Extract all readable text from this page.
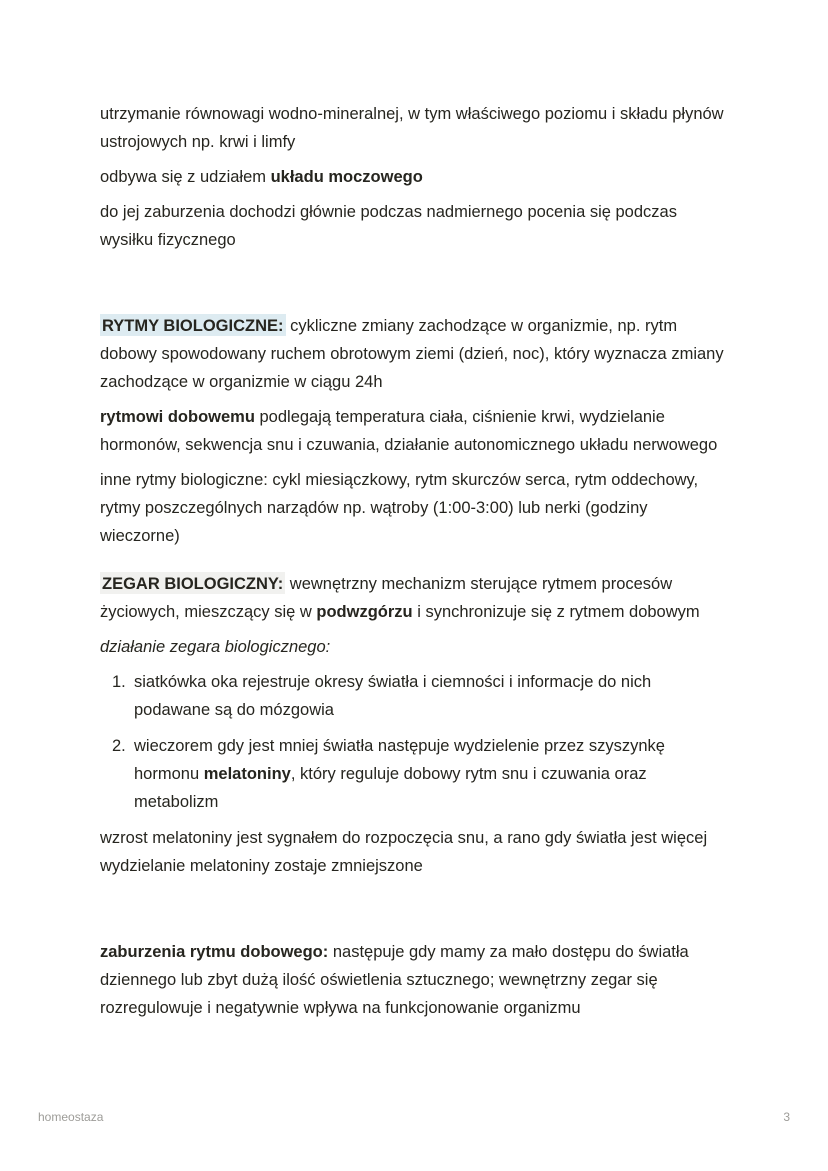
utrzymanie równowagi wodno-mineralnej, w tym właściwego poziomu i składu płynów ustrojowych np. krwi i limfy

odbywa się z udziałem układu moczowego

do jej zaburzenia dochodzi głównie podczas nadmiernego pocenia się podczas wysiłku fizycznego

RYTMY BIOLOGICZNE: cykliczne zmiany zachodzące w organizmie, np. rytm dobowy spowodowany ruchem obrotowym ziemi (dzień, noc), który wyznacza zmiany zachodzące w organizmie w ciągu 24h

rytmowi dobowemu podlegają temperatura ciała, ciśnienie krwi, wydzielanie hormonów, sekwencja snu i czuwania, działanie autonomicznego układu nerwowego

inne rytmy biologiczne: cykl miesiączkowy, rytm skurczów serca, rytm oddechowy, rytmy poszczególnych narządów np. wątroby (1:00-3:00) lub nerki (godziny wieczorne)

ZEGAR BIOLOGICZNY: wewnętrzny mechanizm sterujące rytmem procesów życiowych, mieszczący się w podwzgórzu i synchronizuje się z rytmem dobowym

działanie zegara biologicznego:

1. siatkówka oka rejestruje okresy światła i ciemności i informacje do nich podawane są do mózgowia
2. wieczorem gdy jest mniej światła następuje wydzielenie przez szyszynkę hormonu melatoniny, który reguluje dobowy rytm snu i czuwania oraz metabolizm

wzrost melatoniny jest sygnałem do rozpoczęcia snu, a rano gdy światła jest więcej wydzielanie melatoniny zostaje zmniejszone

zaburzenia rytmu dobowego: następuje gdy mamy za mało dostępu do światła dziennego lub zbyt dużą ilość oświetlenia sztucznego; wewnętrzny zegar się rozregulowuje i negatywnie wpływa na funkcjonowanie organizmu

homeostaza	3
